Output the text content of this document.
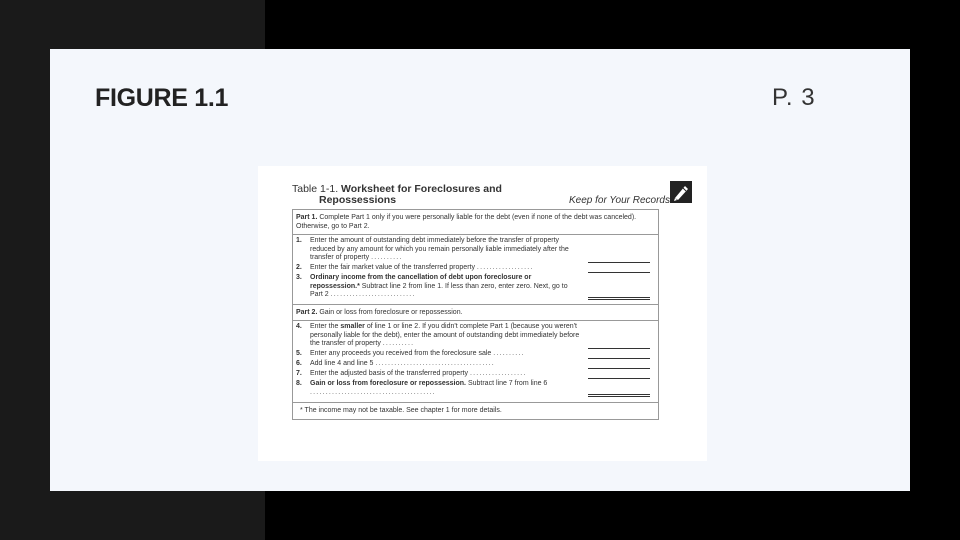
FIGURE 1.1	P. 3
Table 1-1. Worksheet for Foreclosures and
Repossessions	Keep for Your Records
Part 1. Complete Part 1 only if you were personally liable for the debt (even if none of the debt was canceled). Otherwise, go to Part 2.
1.	Enter the amount of outstanding debt immediately before the transfer of property reduced by any amount for which you remain personally liable immediately after the transfer of property ..........
2.	Enter the fair market value of the transferred property ..................
3.	Ordinary income from the cancellation of debt upon foreclosure or repossession.* Subtract line 2 from line 1. If less than zero, enter zero. Next, go to Part 2 ...........................
Part 2. Gain or loss from foreclosure or repossession.
4.	Enter the smaller of line 1 or line 2. If you didn't complete Part 1 (because you weren't personally liable for the debt), enter the amount of outstanding debt immediately before the transfer of property ..........
5.	Enter any proceeds you received from the foreclosure sale ..........
6.	Add line 4 and line 5 ......................................
7.	Enter the adjusted basis of the transferred property ..................
8.	Gain or loss from foreclosure or repossession. Subtract line 7 from line 6 ........................................
* The income may not be taxable. See chapter 1 for more details.
